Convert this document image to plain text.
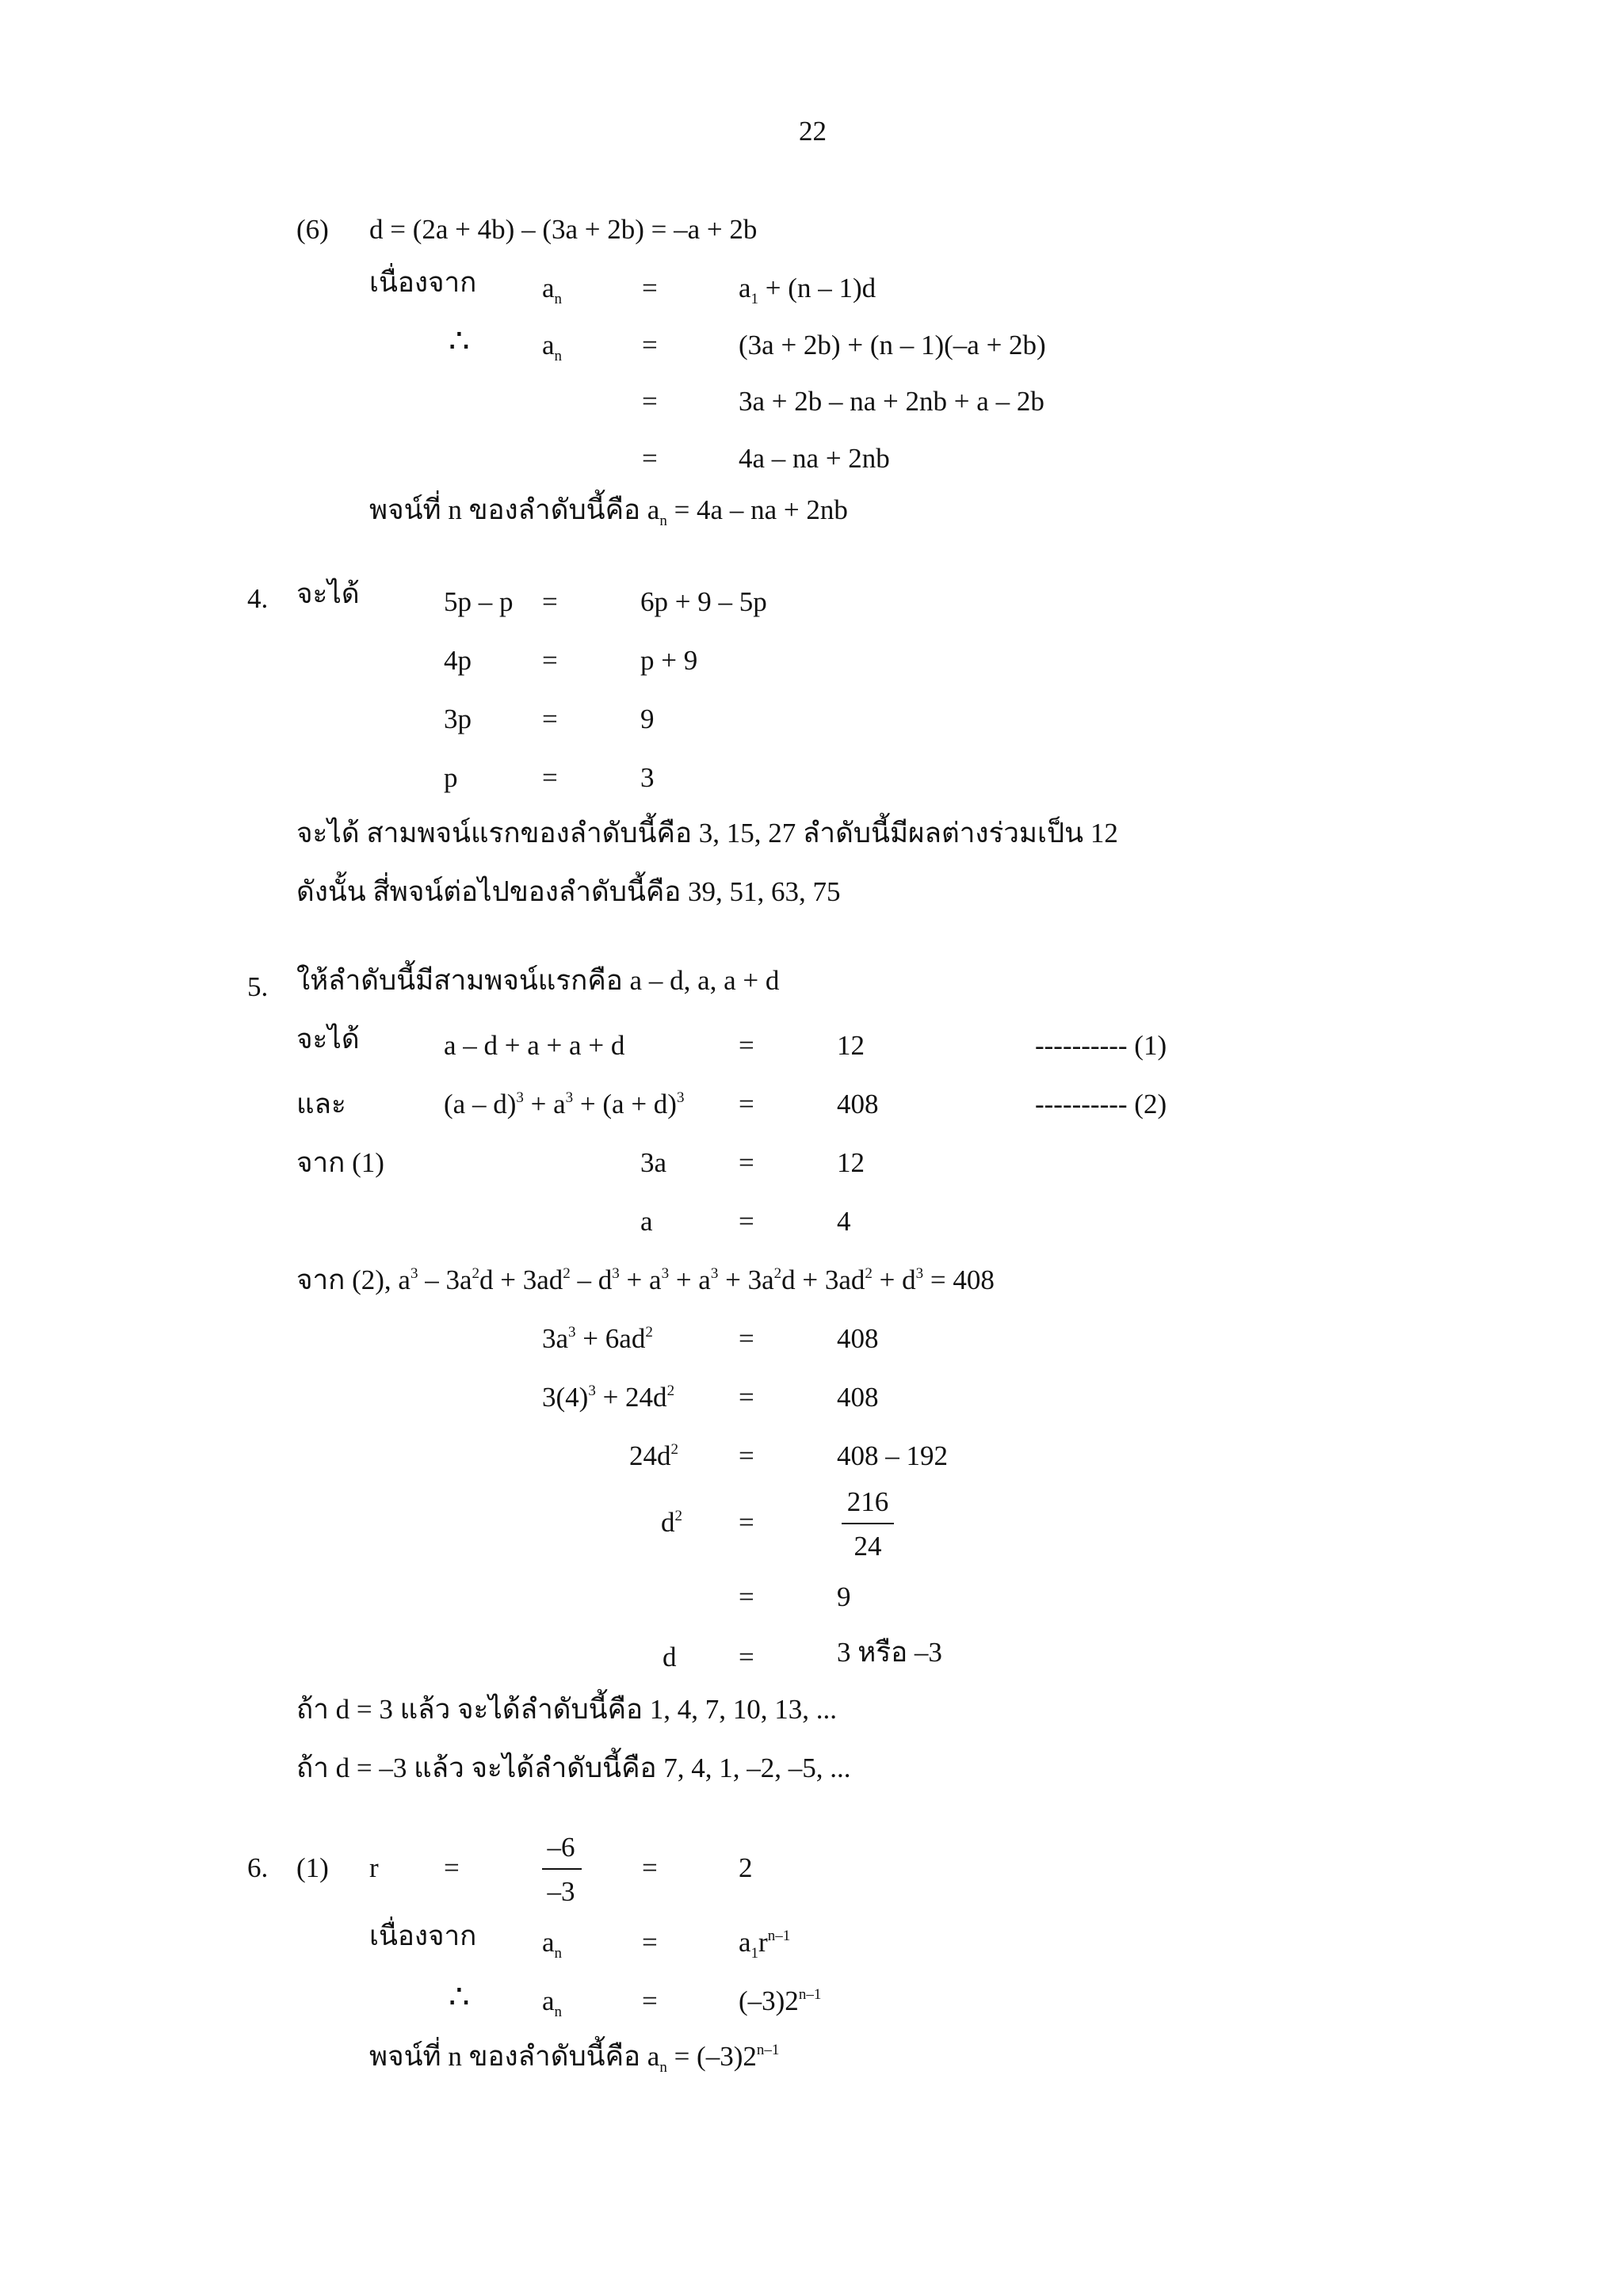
22
(6) d = (2a + 4b) – (3a + 2b) = –a + 2b
เนื่องจาก $a_n$	=	$a_1 + (n - 1)d$
∴	$a_n$	=	(3a + 2b) + (n – 1)(–a + 2b)
=	3a + 2b – na + 2nb + a – 2b
=	4a – na + 2nb
พจน์ที่ n ของลำดับนี้คือ $a_n = 4a$ – na + 2nb
4. จะได้	5p – p =	6p + 9 – 5p
4p	=	p + 9
3p	=	9
p	=	3
จะได้ สามพจน์แรกของลำดับนี้คือ 3, 15, 27 ลำดับนี้มีผลต่างร่วมเป็น 12
ดังนั้น สี่พจน์ต่อไปของลำดับนี้คือ 39, 51, 63, 75
5. ให้ลำดับนี้มีสามพจน์แรกคือ a – d, a, a + d
จะได้	a – d + a + a + d	=	12	---------- (1)
และ	$(a - d)^3 + a^3 + (a + d)^3$ =	408	---------- (2)
จาก (1)	3a	=	12
a	=	4
จาก (2), $a^3 - 3a^2d + 3ad^2 - d^3 + a^3 + a^3 + 3a^2d + 3ad^2 + d^3 = 408$
$3a^3 + 6ad^2$	=	408
$3(4)^3 + 24d^2$ =	408
$24d^2$ =	408 – 192
$d^2$ =
216
24
=	9
d =	3 หรือ –3
ถ้า d = 3 แล้ว จะได้ลำดับนี้คือ 1, 4, 7, 10, 13, ...
ถ้า d = –3 แล้ว จะได้ลำดับนี้คือ 7, 4, 1, –2, –5, ...
6. (1) r =
–6
–3
=	2
เนื่องจาก $a_n$	=	$a_1r^{n-1}$
∴	$a_n$	=	$(-3)2^{n-1}$
พจน์ที่ n ของลำดับนี้คือ $a_n = (-3)2^{n-1}$
